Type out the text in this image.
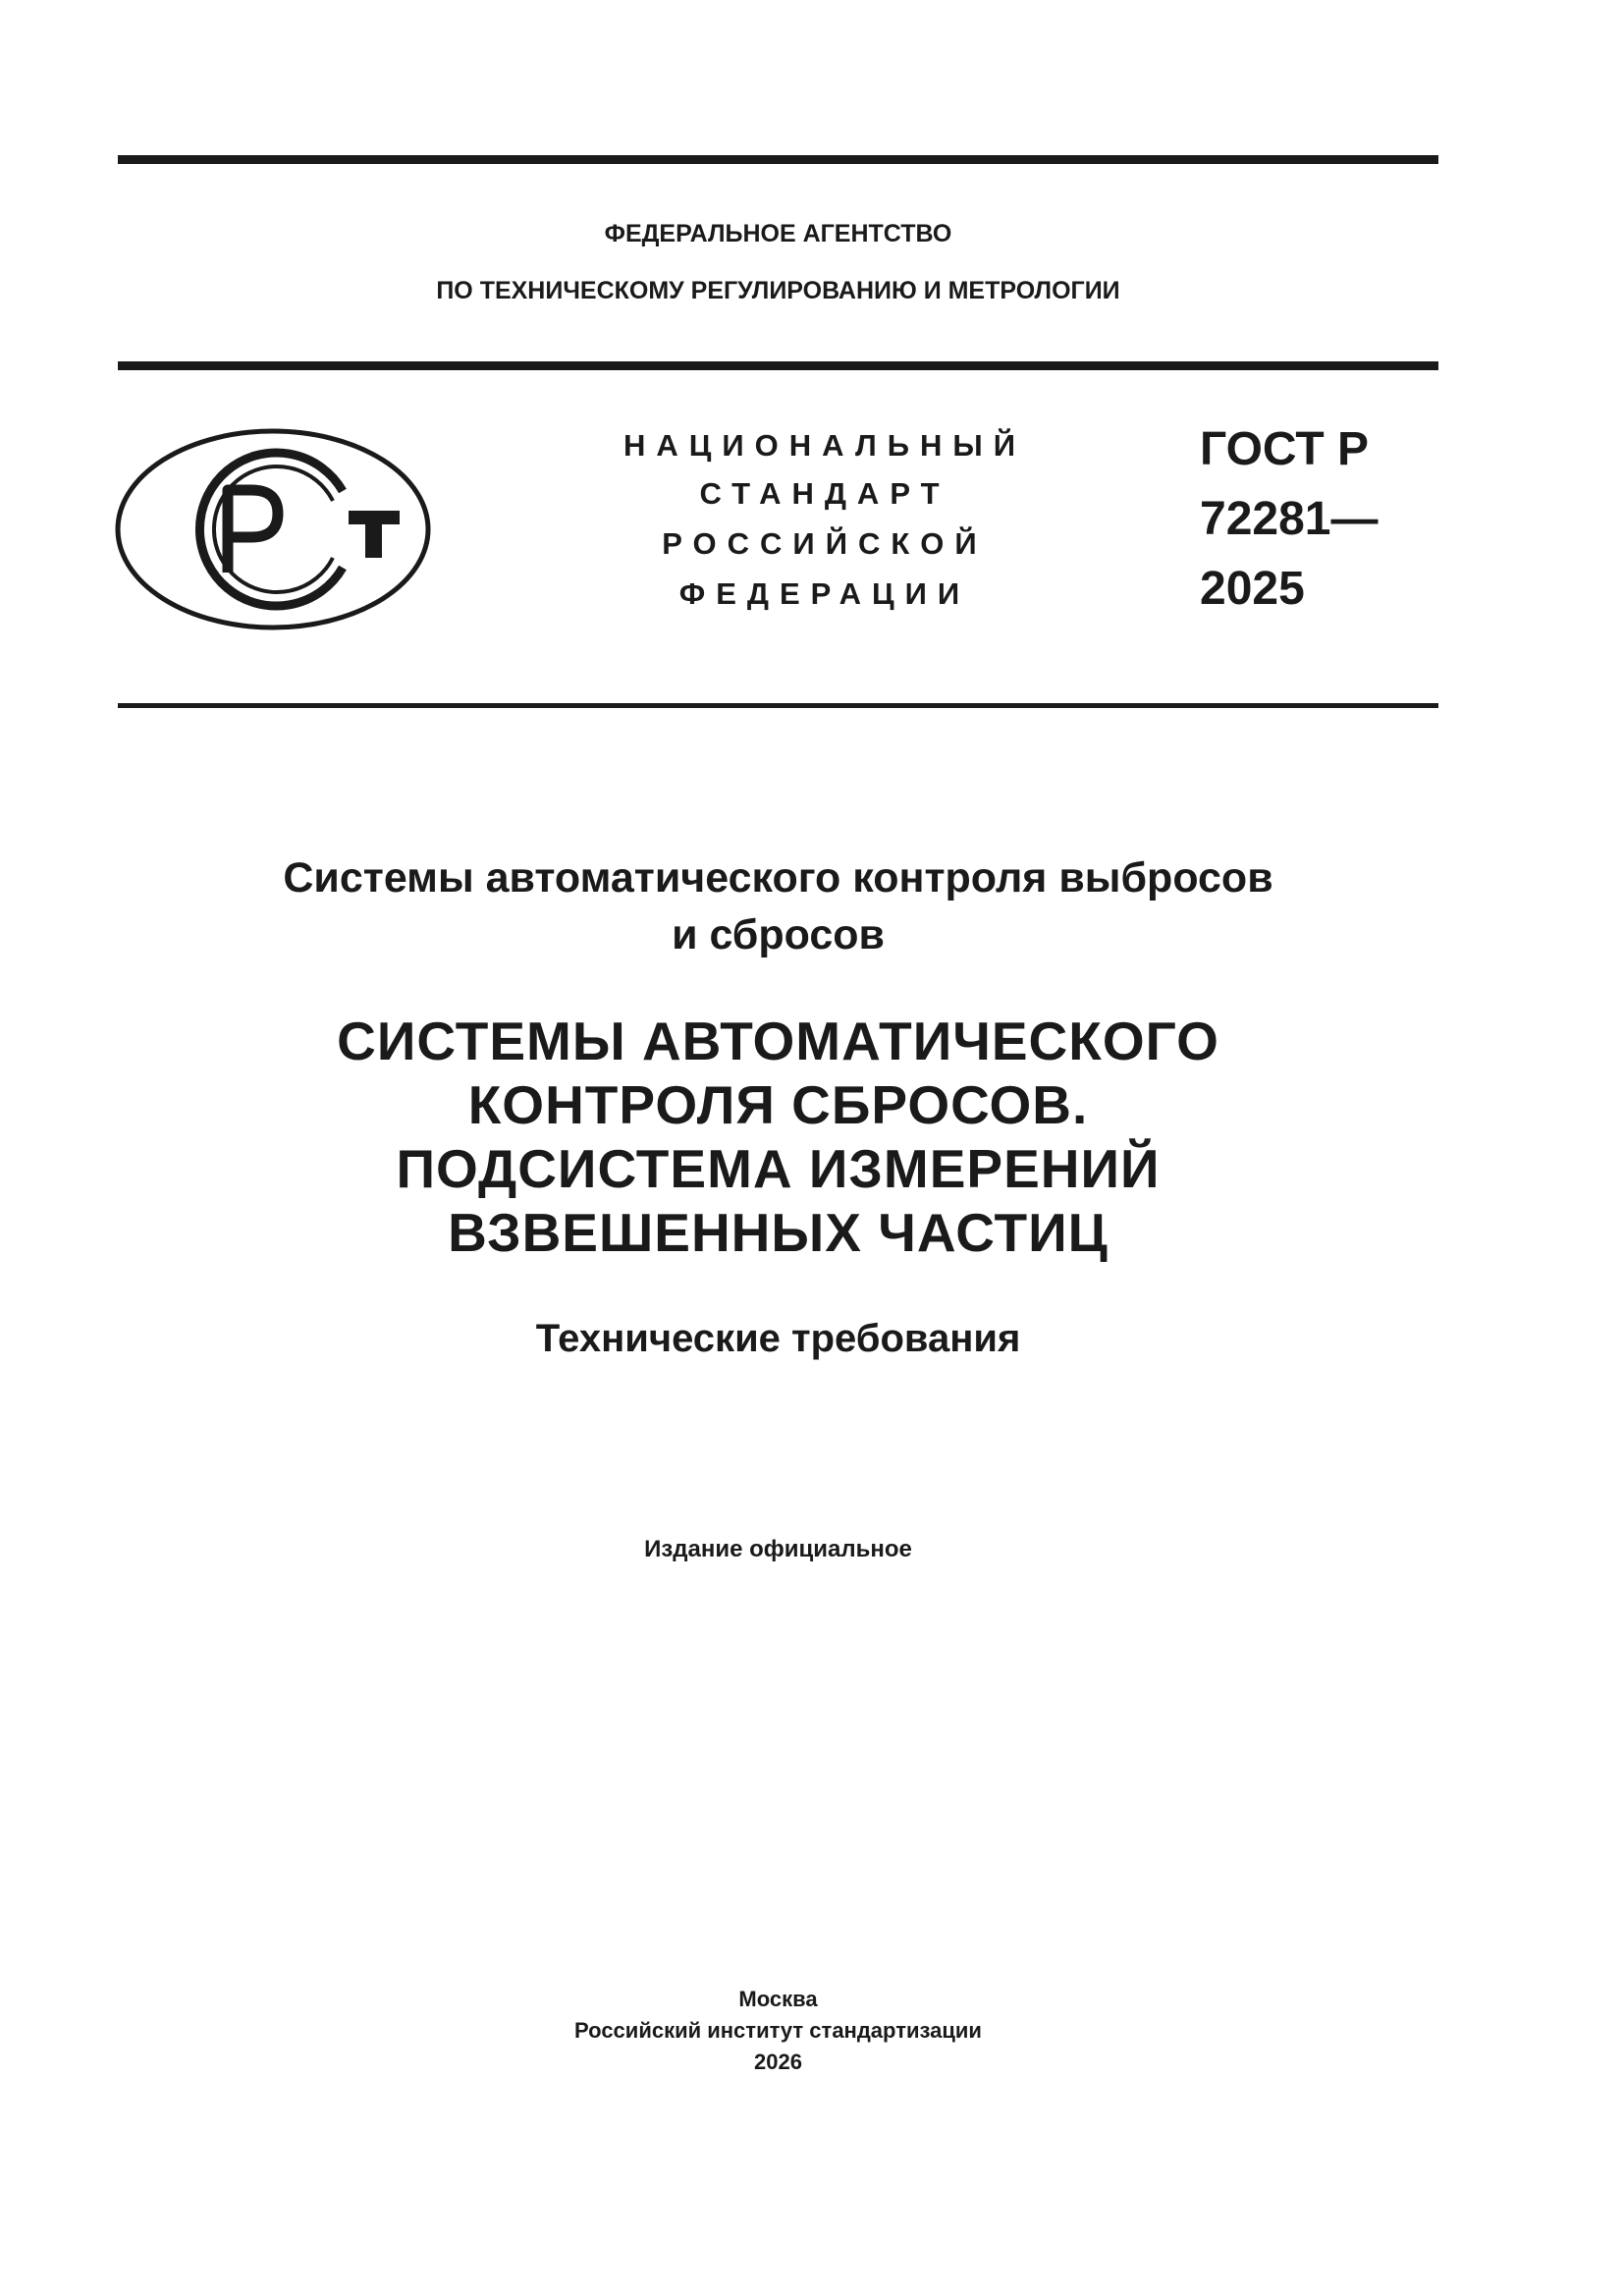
ФЕДЕРАЛЬНОЕ АГЕНТСТВО
ПО ТЕХНИЧЕСКОМУ РЕГУЛИРОВАНИЮ И МЕТРОЛОГИИ
НАЦИОНАЛЬНЫЙ
СТАНДАРТ
РОССИЙСКОЙ
ФЕДЕРАЦИИ
ГОСТ Р
72281—
2025
Системы автоматического контроля выбросов
и сбросов
СИСТЕМЫ АВТОМАТИЧЕСКОГО
КОНТРОЛЯ СБРОСОВ.
ПОДСИСТЕМА ИЗМЕРЕНИЙ
ВЗВЕШЕННЫХ ЧАСТИЦ
Технические требования
Издание официальное
Москва
Российский институт стандартизации
2026
